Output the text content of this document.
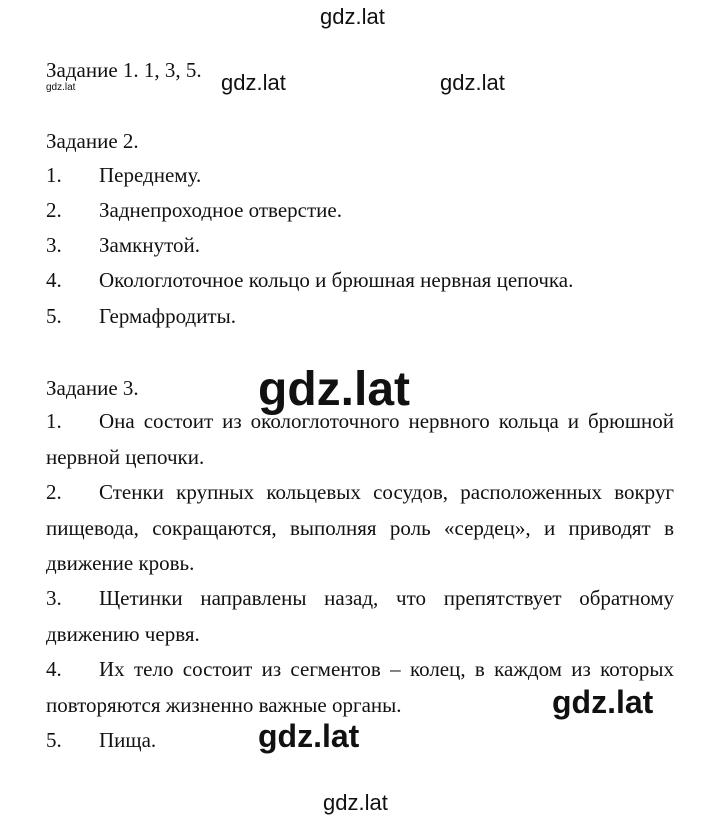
Задание 1. 1, 3, 5.
Задание 2.
1.	Переднему.
2.	Заднепроходное отверстие.
3.	Замкнутой.
4.	Окологлоточное кольцо и брюшная нервная цепочка.
5.	Гермафродиты.
Задание 3.
1. Она состоит из окологлоточного нервного кольца и брюшной нервной цепочки.
2. Стенки крупных кольцевых сосудов, расположенных вокруг пищевода, сокращаются, выполняя роль «сердец», и приводят в движение кровь.
3. Щетинки направлены назад, что препятствует обратному движению червя.
4. Их тело состоит из сегментов – колец, в каждом из которых повторяются жизненно важные органы.
5. Пища.
gdz.lat
gdz.lat	gdz.lat	gdz.lat
gdz.lat
gdz.lat
gdz.lat
gdz.lat
